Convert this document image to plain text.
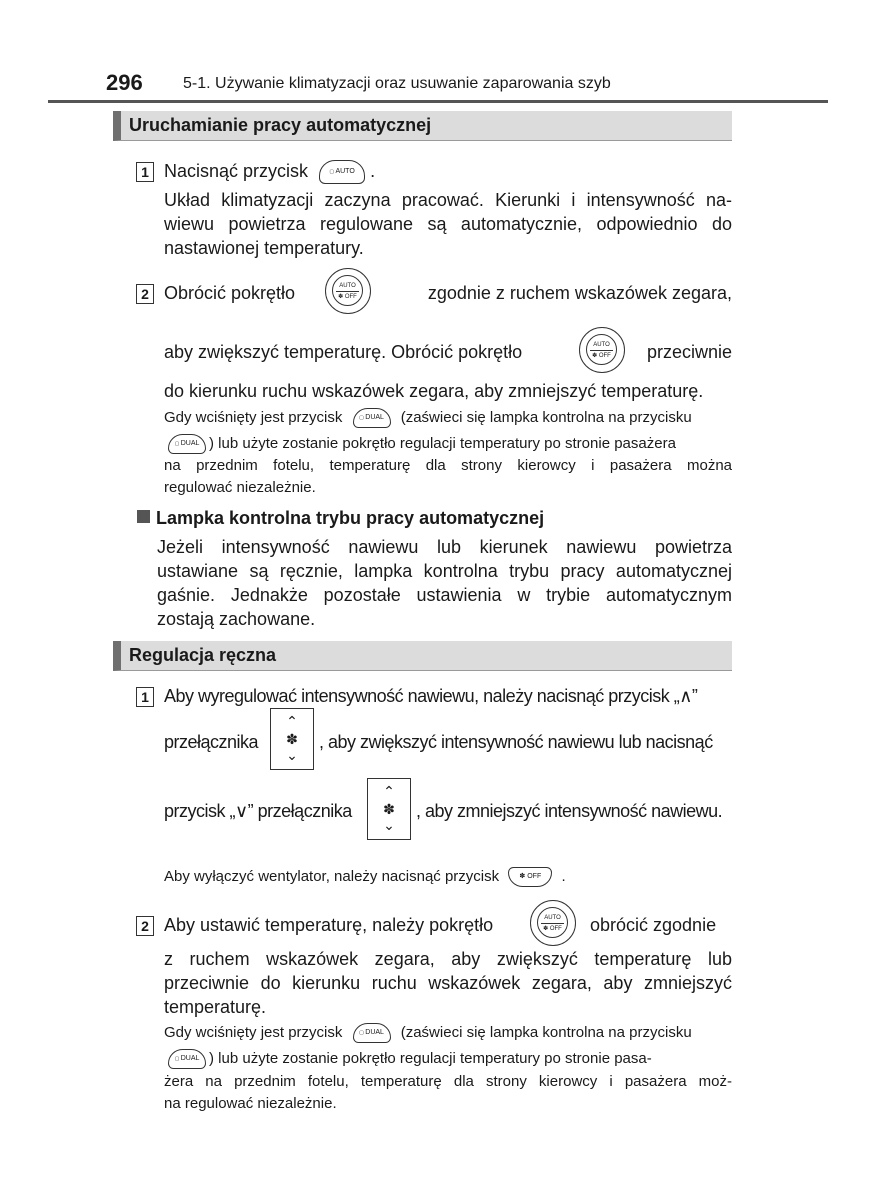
296	5-1. Używanie klimatyzacji oraz usuwanie zaparowania szyb
Uruchamianie pracy automatycznej
1 Nacisnąć przycisk	▢ AUTO .
Układ klimatyzacji zaczyna pracować. Kierunki i intensywność na-
wiewu powietrza regulowane są automatycznie, odpowiednio do
nastawionej temperatury.
2 Obrócić pokrętło	AUTO
✽ OFF	zgodnie z ruchem wskazówek zegara,
aby zwiększyć temperaturę. Obrócić pokrętło	AUTO
✽ OFF	przeciwnie
do kierunku ruchu wskazówek zegara, aby zmniejszyć temperaturę.
Gdy wciśnięty jest przycisk	▢ DUAL (zaświeci się lampka kontrolna na przycisku
▢ DUAL ) lub użyte zostanie pokrętło regulacji temperatury po stronie pasażera
na przednim fotelu, temperaturę dla strony kierowcy i pasażera można
regulować niezależnie.
Lampka kontrolna trybu pracy automatycznej
Jeżeli intensywność nawiewu lub kierunek nawiewu powietrza
ustawiane są ręcznie, lampka kontrolna trybu pracy automatycznej
gaśnie. Jednakże pozostałe ustawienia w trybie automatycznym
zostają zachowane.
Regulacja ręczna
1 Aby wyregulować intensywność nawiewu, należy nacisnąć przycisk „∧”
przełącznika
⌃
✽
⌄
, aby zwiększyć intensywność nawiewu lub nacisnąć
przycisk „∨” przełącznika
⌃
✽
⌄
, aby zmniejszyć intensywność nawiewu.
Aby wyłączyć wentylator, należy nacisnąć przycisk	✽ OFF .
2 Aby ustawić temperaturę, należy pokrętło	AUTO
✽ OFF obrócić zgodnie
z ruchem wskazówek zegara, aby zwiększyć temperaturę lub
przeciwnie do kierunku ruchu wskazówek zegara, aby zmniejszyć
temperaturę.
Gdy wciśnięty jest przycisk	▢ DUAL (zaświeci się lampka kontrolna na przycisku
▢ DUAL ) lub użyte zostanie pokrętło regulacji temperatury po stronie pasa-
żera na przednim fotelu, temperaturę dla strony kierowcy i pasażera moż-
na regulować niezależnie.
